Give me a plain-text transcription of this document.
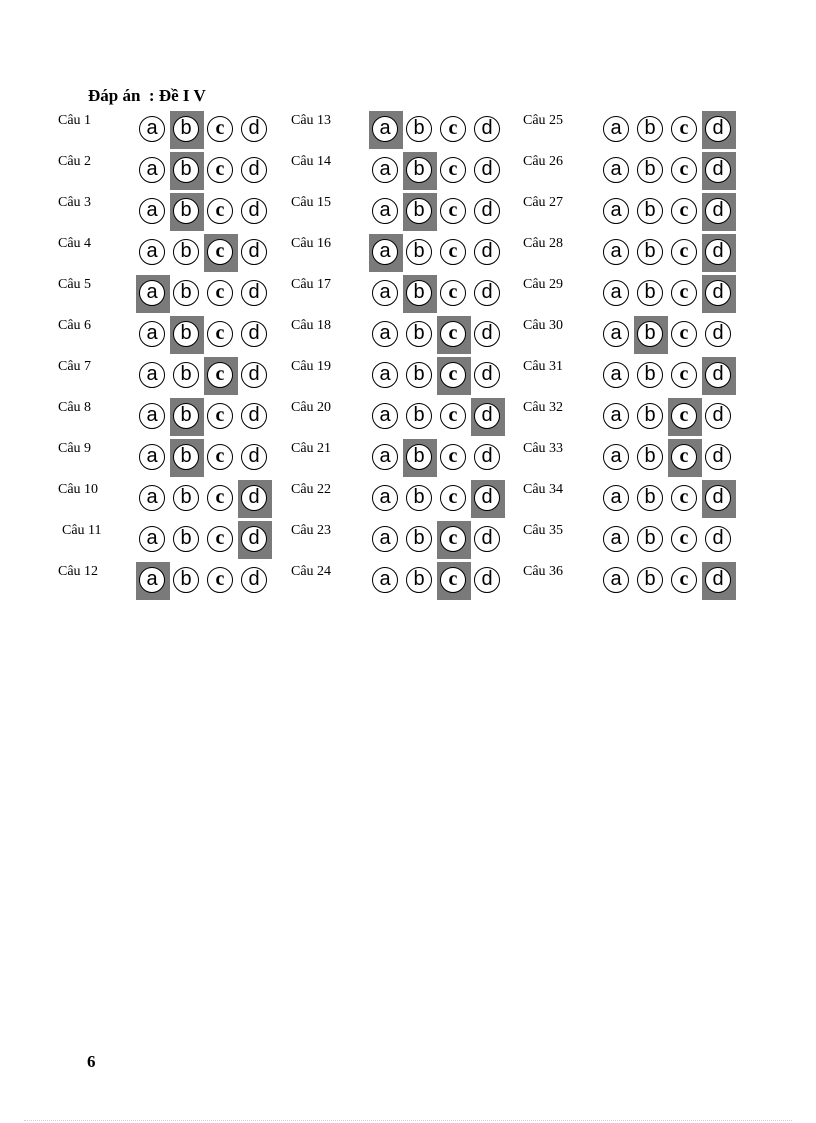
Đáp án  : Đề I V
Câu 1	a	b	c	d
Câu 2	a	b	c	d
Câu 3	a	b	c	d
Câu 4	a	b	c	d
Câu 5	a	b	c	d
Câu 6	a	b	c	d
Câu 7	a	b	c	d
Câu 8	a	b	c	d
Câu 9	a	b	c	d
Câu 10	a	b	c	d
Câu 11	a	b	c	d
Câu 12	a	b	c	d
Câu 13	a	b	c	d
Câu 14	a	b	c	d
Câu 15	a	b	c	d
Câu 16	a	b	c	d
Câu 17	a	b	c	d
Câu 18	a	b	c	d
Câu 19	a	b	c	d
Câu 20	a	b	c	d
Câu 21	a	b	c	d
Câu 22	a	b	c	d
Câu 23	a	b	c	d
Câu 24	a	b	c	d
Câu 25	a	b	c	d
Câu 26	a	b	c	d
Câu 27	a	b	c	d
Câu 28	a	b	c	d
Câu 29	a	b	c	d
Câu 30	a	b	c	d
Câu 31	a	b	c	d
Câu 32	a	b	c	d
Câu 33	a	b	c	d
Câu 34	a	b	c	d
Câu 35	a	b	c	d
Câu 36	a	b	c	d
6
